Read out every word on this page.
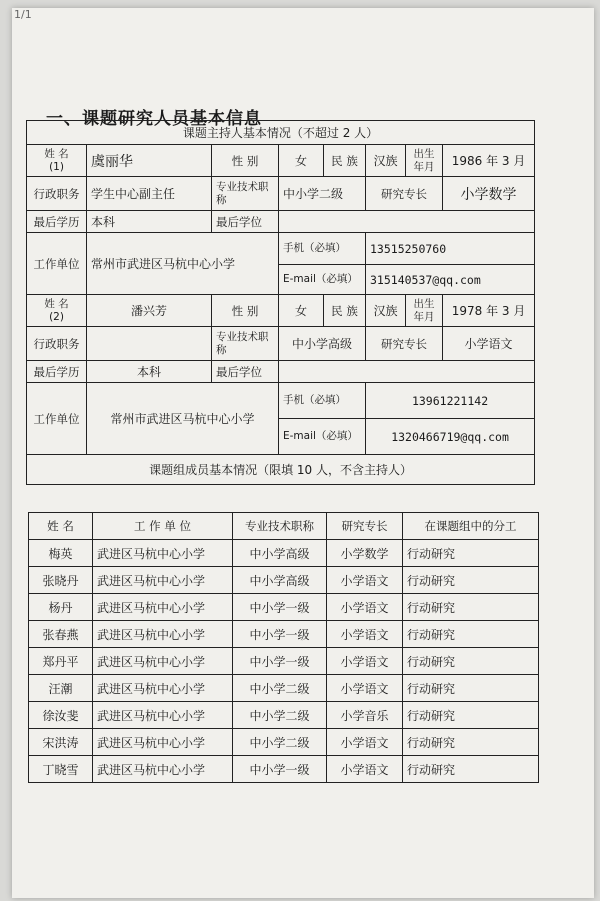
1/1
一、课题研究人员基本信息
课题主持人基本情况（不超过 2 人）							

姓 名
(1)	虞丽华	性 别	女	民 族	汉族	出生年月	1986 年 3 月
行政职务	学生中心副主任	专业技术职称	中小学二级		研究专长		小学数学
最后学历	本科	最后学位					
工作单位	常州市武进区马杭中心小学		手机（必填）		13515250760		
			E-mail（必填）		315140537@qq.com		

姓 名
(2)	潘兴芳	性 别	女	民 族	汉族	出生年月	1978 年 3 月
行政职务		专业技术职称	中小学高级		研究专长		小学语文
最后学历	本科	最后学位					
工作单位	常州市武进区马杭中心小学		手机（必填）		13961221142		
			E-mail（必填）		1320466719@qq.com		
课题组成员基本情况（限填 10 人，不含主持人）							
姓 名	工 作 单 位	专业技术职称	研究专长	在课题组中的分工
梅英	武进区马杭中心小学	中小学高级	小学数学	行动研究
张晓丹	武进区马杭中心小学	中小学高级	小学语文	行动研究
杨丹	武进区马杭中心小学	中小学一级	小学语文	行动研究
张春燕	武进区马杭中心小学	中小学一级	小学语文	行动研究
郑丹平	武进区马杭中心小学	中小学一级	小学语文	行动研究
汪潮	武进区马杭中心小学	中小学二级	小学语文	行动研究
徐汝斐	武进区马杭中心小学	中小学二级	小学音乐	行动研究
宋洪涛	武进区马杭中心小学	中小学二级	小学语文	行动研究
丁晓雪	武进区马杭中心小学	中小学一级	小学语文	行动研究
